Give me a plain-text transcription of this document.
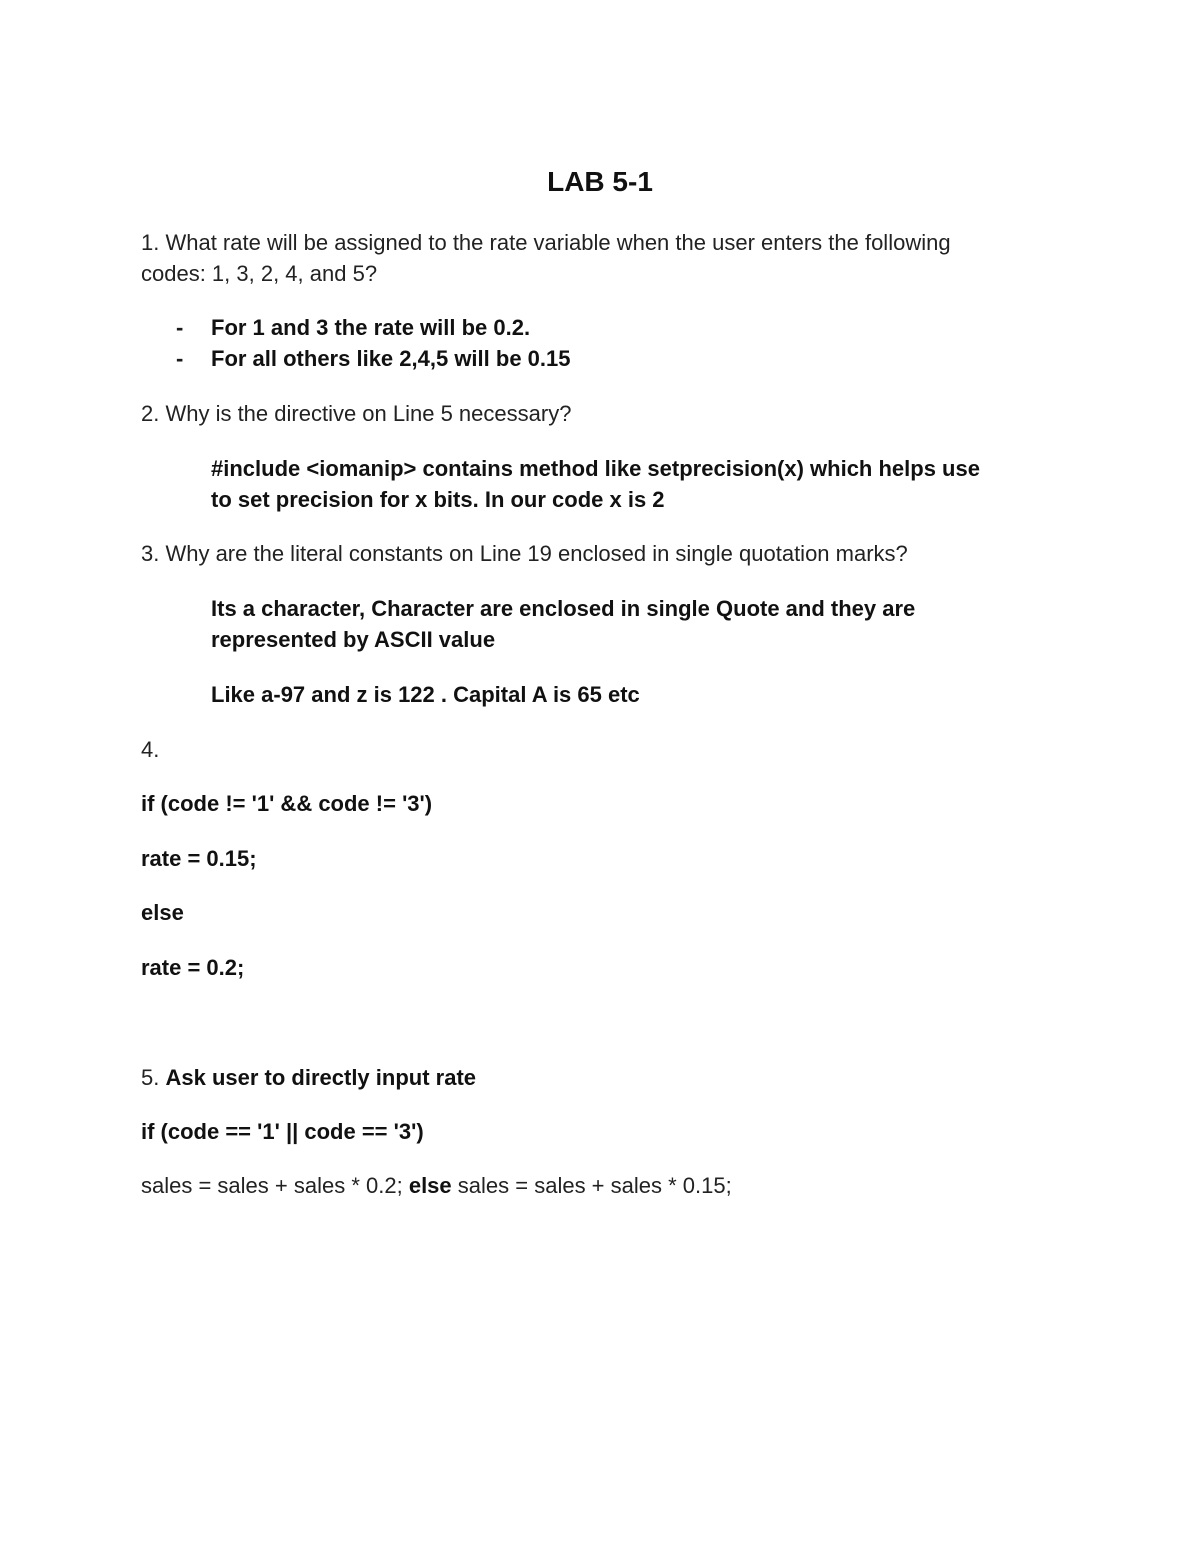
LAB 5-1
1. What rate will be assigned to the rate variable when the user enters the following
codes: 1, 3, 2, 4, and 5?
- For 1 and 3 the rate will be 0.2.
- For all others like 2,4,5 will be 0.15
2. Why is the directive on Line 5 necessary?
#include <iomanip> contains method like setprecision(x) which helps use
to set precision for x bits. In our code x is 2
3. Why are the literal constants on Line 19 enclosed in single quotation marks?
Its a character, Character are enclosed in single Quote and they are
represented by ASCII value
Like a-97 and z is 122 . Capital A is 65 etc
4.
if (code != '1' && code != '3')
rate = 0.15;
else
rate = 0.2;
5. Ask user to directly input rate
if (code == '1' || code == '3')
sales = sales + sales * 0.2; else sales = sales + sales * 0.15;
